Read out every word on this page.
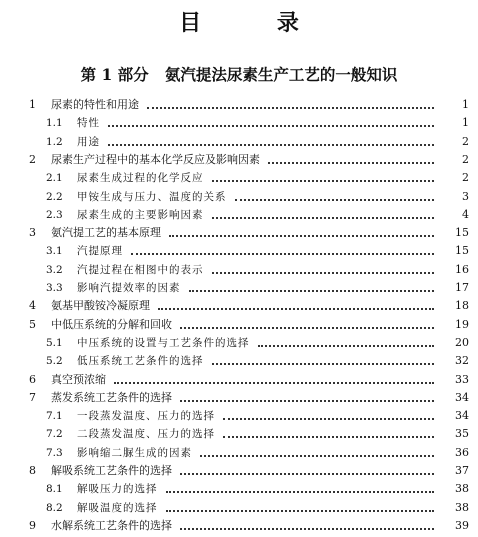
目 录
第 1 部分 氨汽提法尿素生产工艺的一般知识
1 尿素的特性和用途	1
1.1 特性	1
1.2 用途	2
2 尿素生产过程中的基本化学反应及影响因素	2
2.1 尿素生成过程的化学反应	2
2.2 甲铵生成与压力、温度的关系	3
2.3 尿素生成的主要影响因素	4
3 氨汽提工艺的基本原理	15
3.1 汽提原理	15
3.2 汽提过程在相图中的表示	16
3.3 影响汽提效率的因素	17
4 氨基甲酸铵冷凝原理	18
5 中低压系统的分解和回收	19
5.1 中压系统的设置与工艺条件的选择	20
5.2 低压系统工艺条件的选择	32
6 真空预浓缩	33
7 蒸发系统工艺条件的选择	34
7.1 一段蒸发温度、压力的选择	34
7.2 二段蒸发温度、压力的选择	35
7.3 影响缩二脲生成的因素	36
8 解吸系统工艺条件的选择	37
8.1 解吸压力的选择	38
8.2 解吸温度的选择	38
9 水解系统工艺条件的选择	39
